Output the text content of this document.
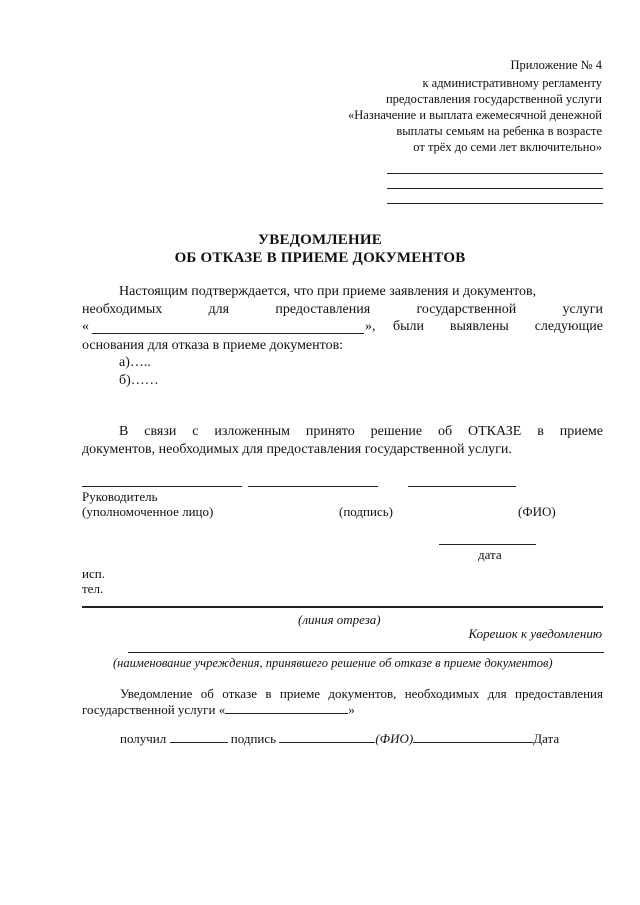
Приложение № 4
к административному регламенту
предоставления государственной услуги
«Назначение и выплата ежемесячной денежной
выплаты семьям на ребенка в возрасте
от трёх до семи лет включительно»
УВЕДОМЛЕНИЕ
ОБ ОТКАЗЕ В ПРИЕМЕ ДОКУМЕНТОВ
Настоящим подтверждается, что при приеме заявления и документов,
необходимых	для	предоставления	государственной	услуги
«	», были выявлены следующие
основания для отказа в приеме документов:
а)…..
б)……
В связи с изложенным принято решение об ОТКАЗЕ в приеме
документов, необходимых для предоставления государственной услуги.
Руководитель
(уполномоченное лицо)	(подпись)	(ФИО)
дата
исп.
тел.
(линия отреза)
Корешок к уведомлению
(наименование учреждения, принявшего решение об отказе в приеме документов)
Уведомление об отказе в приеме документов, необходимых для предоставления
государственной услуги «	»
получил	подпись	(ФИО)	Дата
